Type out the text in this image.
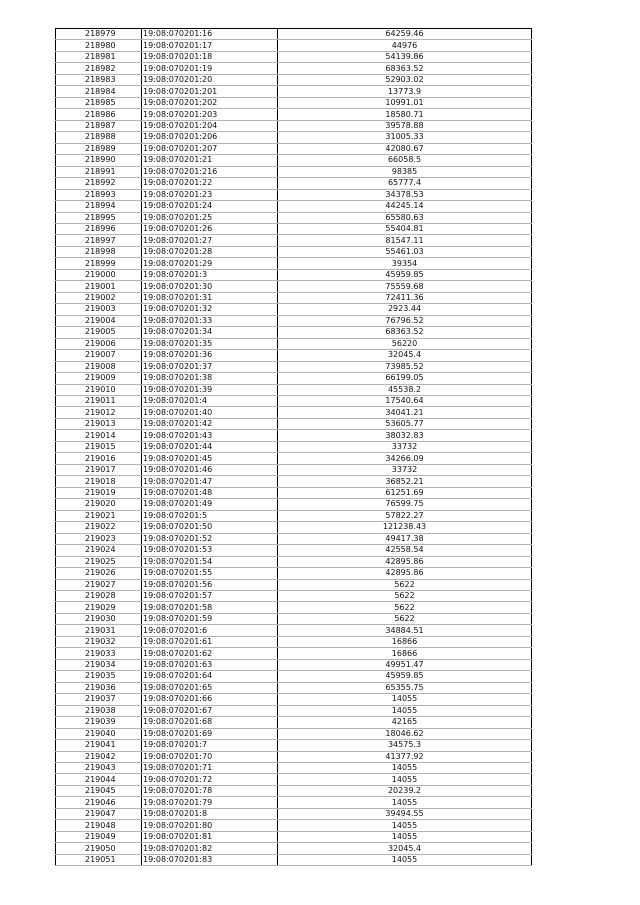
218979	19:08:070201:16	64259.46
218980	19:08:070201:17	44976
218981	19:08:070201:18	54139.86
218982	19:08:070201:19	68363.52
218983	19:08:070201:20	52903.02
218984	19:08:070201:201	13773.9
218985	19:08:070201:202	10991.01
218986	19:08:070201:203	18580.71
218987	19:08:070201:204	39578.88
218988	19:08:070201:206	31005.33
218989	19:08:070201:207	42080.67
218990	19:08:070201:21	66058.5
218991	19:08:070201:216	98385
218992	19:08:070201:22	65777.4
218993	19:08:070201:23	34378.53
218994	19:08:070201:24	44245.14
218995	19:08:070201:25	65580.63
218996	19:08:070201:26	55404.81
218997	19:08:070201:27	81547.11
218998	19:08:070201:28	55461.03
218999	19:08:070201:29	39354
219000	19:08:070201:3	45959.85
219001	19:08:070201:30	75559.68
219002	19:08:070201:31	72411.36
219003	19:08:070201:32	2923.44
219004	19:08:070201:33	76796.52
219005	19:08:070201:34	68363.52
219006	19:08:070201:35	56220
219007	19:08:070201:36	32045.4
219008	19:08:070201:37	73985.52
219009	19:08:070201:38	66199.05
219010	19:08:070201:39	45538.2
219011	19:08:070201:4	17540.64
219012	19:08:070201:40	34041.21
219013	19:08:070201:42	53605.77
219014	19:08:070201:43	38032.83
219015	19:08:070201:44	33732
219016	19:08:070201:45	34266.09
219017	19:08:070201:46	33732
219018	19:08:070201:47	36852.21
219019	19:08:070201:48	61251.69
219020	19:08:070201:49	76599.75
219021	19:08:070201:5	57822.27
219022	19:08:070201:50	121238.43
219023	19:08:070201:52	49417.38
219024	19:08:070201:53	42558.54
219025	19:08:070201:54	42895.86
219026	19:08:070201:55	42895.86
219027	19:08:070201:56	5622
219028	19:08:070201:57	5622
219029	19:08:070201:58	5622
219030	19:08:070201:59	5622
219031	19:08:070201:6	34884.51
219032	19:08:070201:61	16866
219033	19:08:070201:62	16866
219034	19:08:070201:63	49951.47
219035	19:08:070201:64	45959.85
219036	19:08:070201:65	65355.75
219037	19:08:070201:66	14055
219038	19:08:070201:67	14055
219039	19:08:070201:68	42165
219040	19:08:070201:69	18046.62
219041	19:08:070201:7	34575.3
219042	19:08:070201:70	41377.92
219043	19:08:070201:71	14055
219044	19:08:070201:72	14055
219045	19:08:070201:78	20239.2
219046	19:08:070201:79	14055
219047	19:08:070201:8	39494.55
219048	19:08:070201:80	14055
219049	19:08:070201:81	14055
219050	19:08:070201:82	32045.4
219051	19:08:070201:83	14055
